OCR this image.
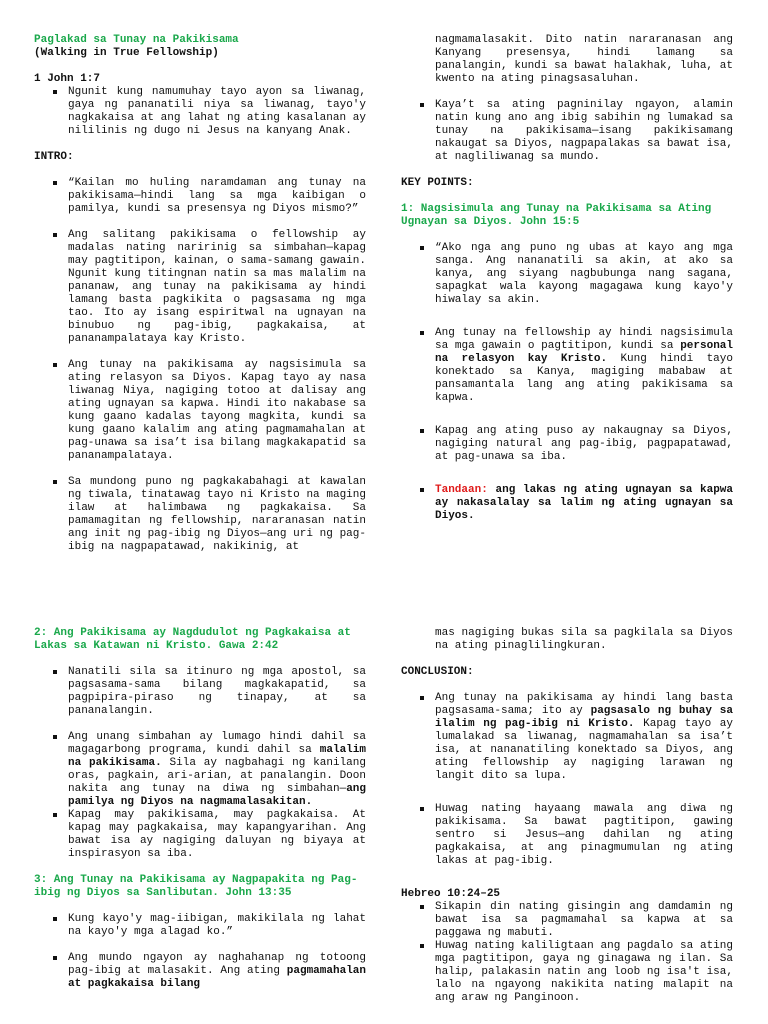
Paglakad sa Tunay na Pakikisama

(Walking in True Fellowship)

1 John 1:7

Ngunit kung namumuhay tayo ayon sa liwanag, gaya ng pananatili niya sa liwanag, tayo'y nagkakaisa at ang lahat ng ating kasalanan ay nililinis ng dugo ni Jesus na kanyang Anak.

INTRO:

“Kailan mo huling naramdaman ang tunay na pakikisama—hindi lang sa mga kaibigan o pamilya, kundi sa presensya ng Diyos mismo?”
Ang salitang pakikisama o fellowship ay madalas nating naririnig sa simbahan—kapag may pagtitipon, kainan, o sama-samang gawain. Ngunit kung titingnan natin sa mas malalim na pananaw, ang tunay na pakikisama ay hindi lamang basta pagkikita o pagsasama ng mga tao. Ito ay isang espiritwal na ugnayan na binubuo ng pag-ibig, pagkakaisa, at pananampalataya kay Kristo.
Ang tunay na pakikisama ay nagsisimula sa ating relasyon sa Diyos. Kapag tayo ay nasa liwanag Niya, nagiging totoo at dalisay ang ating ugnayan sa kapwa. Hindi ito nakabase sa kung gaano kadalas tayong magkita, kundi sa kung gaano kalalim ang ating pagmamahalan at pag-unawa sa isa’t isa bilang magkakapatid sa pananampalataya.
Sa mundong puno ng pagkakabahagi at kawalan ng tiwala, tinatawag tayo ni Kristo na maging ilaw at halimbawa ng pagkakaisa. Sa pamamagitan ng fellowship, nararanasan natin ang init ng pag-ibig ng Diyos—ang uri ng pag-ibig na nagpapatawad, nakikinig, at

nagmamalasakit. Dito natin nararanasan ang Kanyang presensya, hindi lamang sa panalangin, kundi sa bawat halakhak, luha, at kwento na ating pinagsasaluhan.

Kaya’t sa ating pagninilay ngayon, alamin natin kung ano ang ibig sabihin ng lumakad sa tunay na pakikisama—isang pakikisamang nakaugat sa Diyos, nagpapalakas sa bawat isa, at nagliliwanag sa mundo.

KEY POINTS:

1: Nagsisimula ang Tunay na Pakikisama sa Ating Ugnayan sa Diyos. John 15:5

“Ako nga ang puno ng ubas at kayo ang mga sanga. Ang nananatili sa akin, at ako sa kanya, ang siyang nagbubunga nang sagana, sapagkat wala kayong magagawa kung kayo'y hiwalay sa akin.
Ang tunay na fellowship ay hindi nagsisimula sa mga gawain o pagtitipon, kundi sa personal na relasyon kay Kristo. Kung hindi tayo konektado sa Kanya, magiging mababaw at pansamantala lang ang ating pakikisama sa kapwa.
Kapag ang ating puso ay nakaugnay sa Diyos, nagiging natural ang pag-ibig, pagpapatawad, at pag-unawa sa iba.
Tandaan: ang lakas ng ating ugnayan sa kapwa ay nakasalalay sa lalim ng ating ugnayan sa Diyos.

2: Ang Pakikisama ay Nagdudulot ng Pagkakaisa at Lakas sa Katawan ni Kristo. Gawa 2:42

Nanatili sila sa itinuro ng mga apostol, sa pagsasama-sama bilang magkakapatid, sa pagpipira-piraso ng tinapay, at sa pananalangin.
Ang unang simbahan ay lumago hindi dahil sa magagarbong programa, kundi dahil sa malalim na pakikisama. Sila ay nagbahagi ng kanilang oras, pagkain, ari-arian, at panalangin. Doon nakita ang tunay na diwa ng simbahan—ang pamilya ng Diyos na nagmamalasakitan.
Kapag may pakikisama, may pagkakaisa. At kapag may pagkakaisa, may kapangyarihan. Ang bawat isa ay nagiging daluyan ng biyaya at inspirasyon sa iba.

3: Ang Tunay na Pakikisama ay Nagpapakita ng Pag-ibig ng Diyos sa Sanlibutan. John 13:35

Kung kayo'y mag-iibigan, makikilala ng lahat na kayo'y mga alagad ko.”
Ang mundo ngayon ay naghahanap ng totoong pag-ibig at malasakit. Ang ating pagmamahalan at pagkakaisa bilang

mas nagiging bukas sila sa pagkilala sa Diyos na ating pinaglilingkuran.

CONCLUSION:

Ang tunay na pakikisama ay hindi lang basta pagsasama-sama; ito ay pagsasalo ng buhay sa ilalim ng pag-ibig ni Kristo. Kapag tayo ay lumalakad sa liwanag, nagmamahalan sa isa’t isa, at nananatiling konektado sa Diyos, ang ating fellowship ay nagiging larawan ng langit dito sa lupa.
Huwag nating hayaang mawala ang diwa ng pakikisama. Sa bawat pagtitipon, gawing sentro si Jesus—ang dahilan ng ating pagkakaisa, at ang pinagmumulan ng ating lakas at pag-ibig.

Hebreo 10:24–25

Sikapin din nating gisingin ang damdamin ng bawat isa sa pagmamahal sa kapwa at sa paggawa ng mabuti.
Huwag nating kaliligtaan ang pagdalo sa ating mga pagtitipon, gaya ng ginagawa ng ilan. Sa halip, palakasin natin ang loob ng isa't isa, lalo na ngayong nakikita nating malapit na ang araw ng Panginoon.
